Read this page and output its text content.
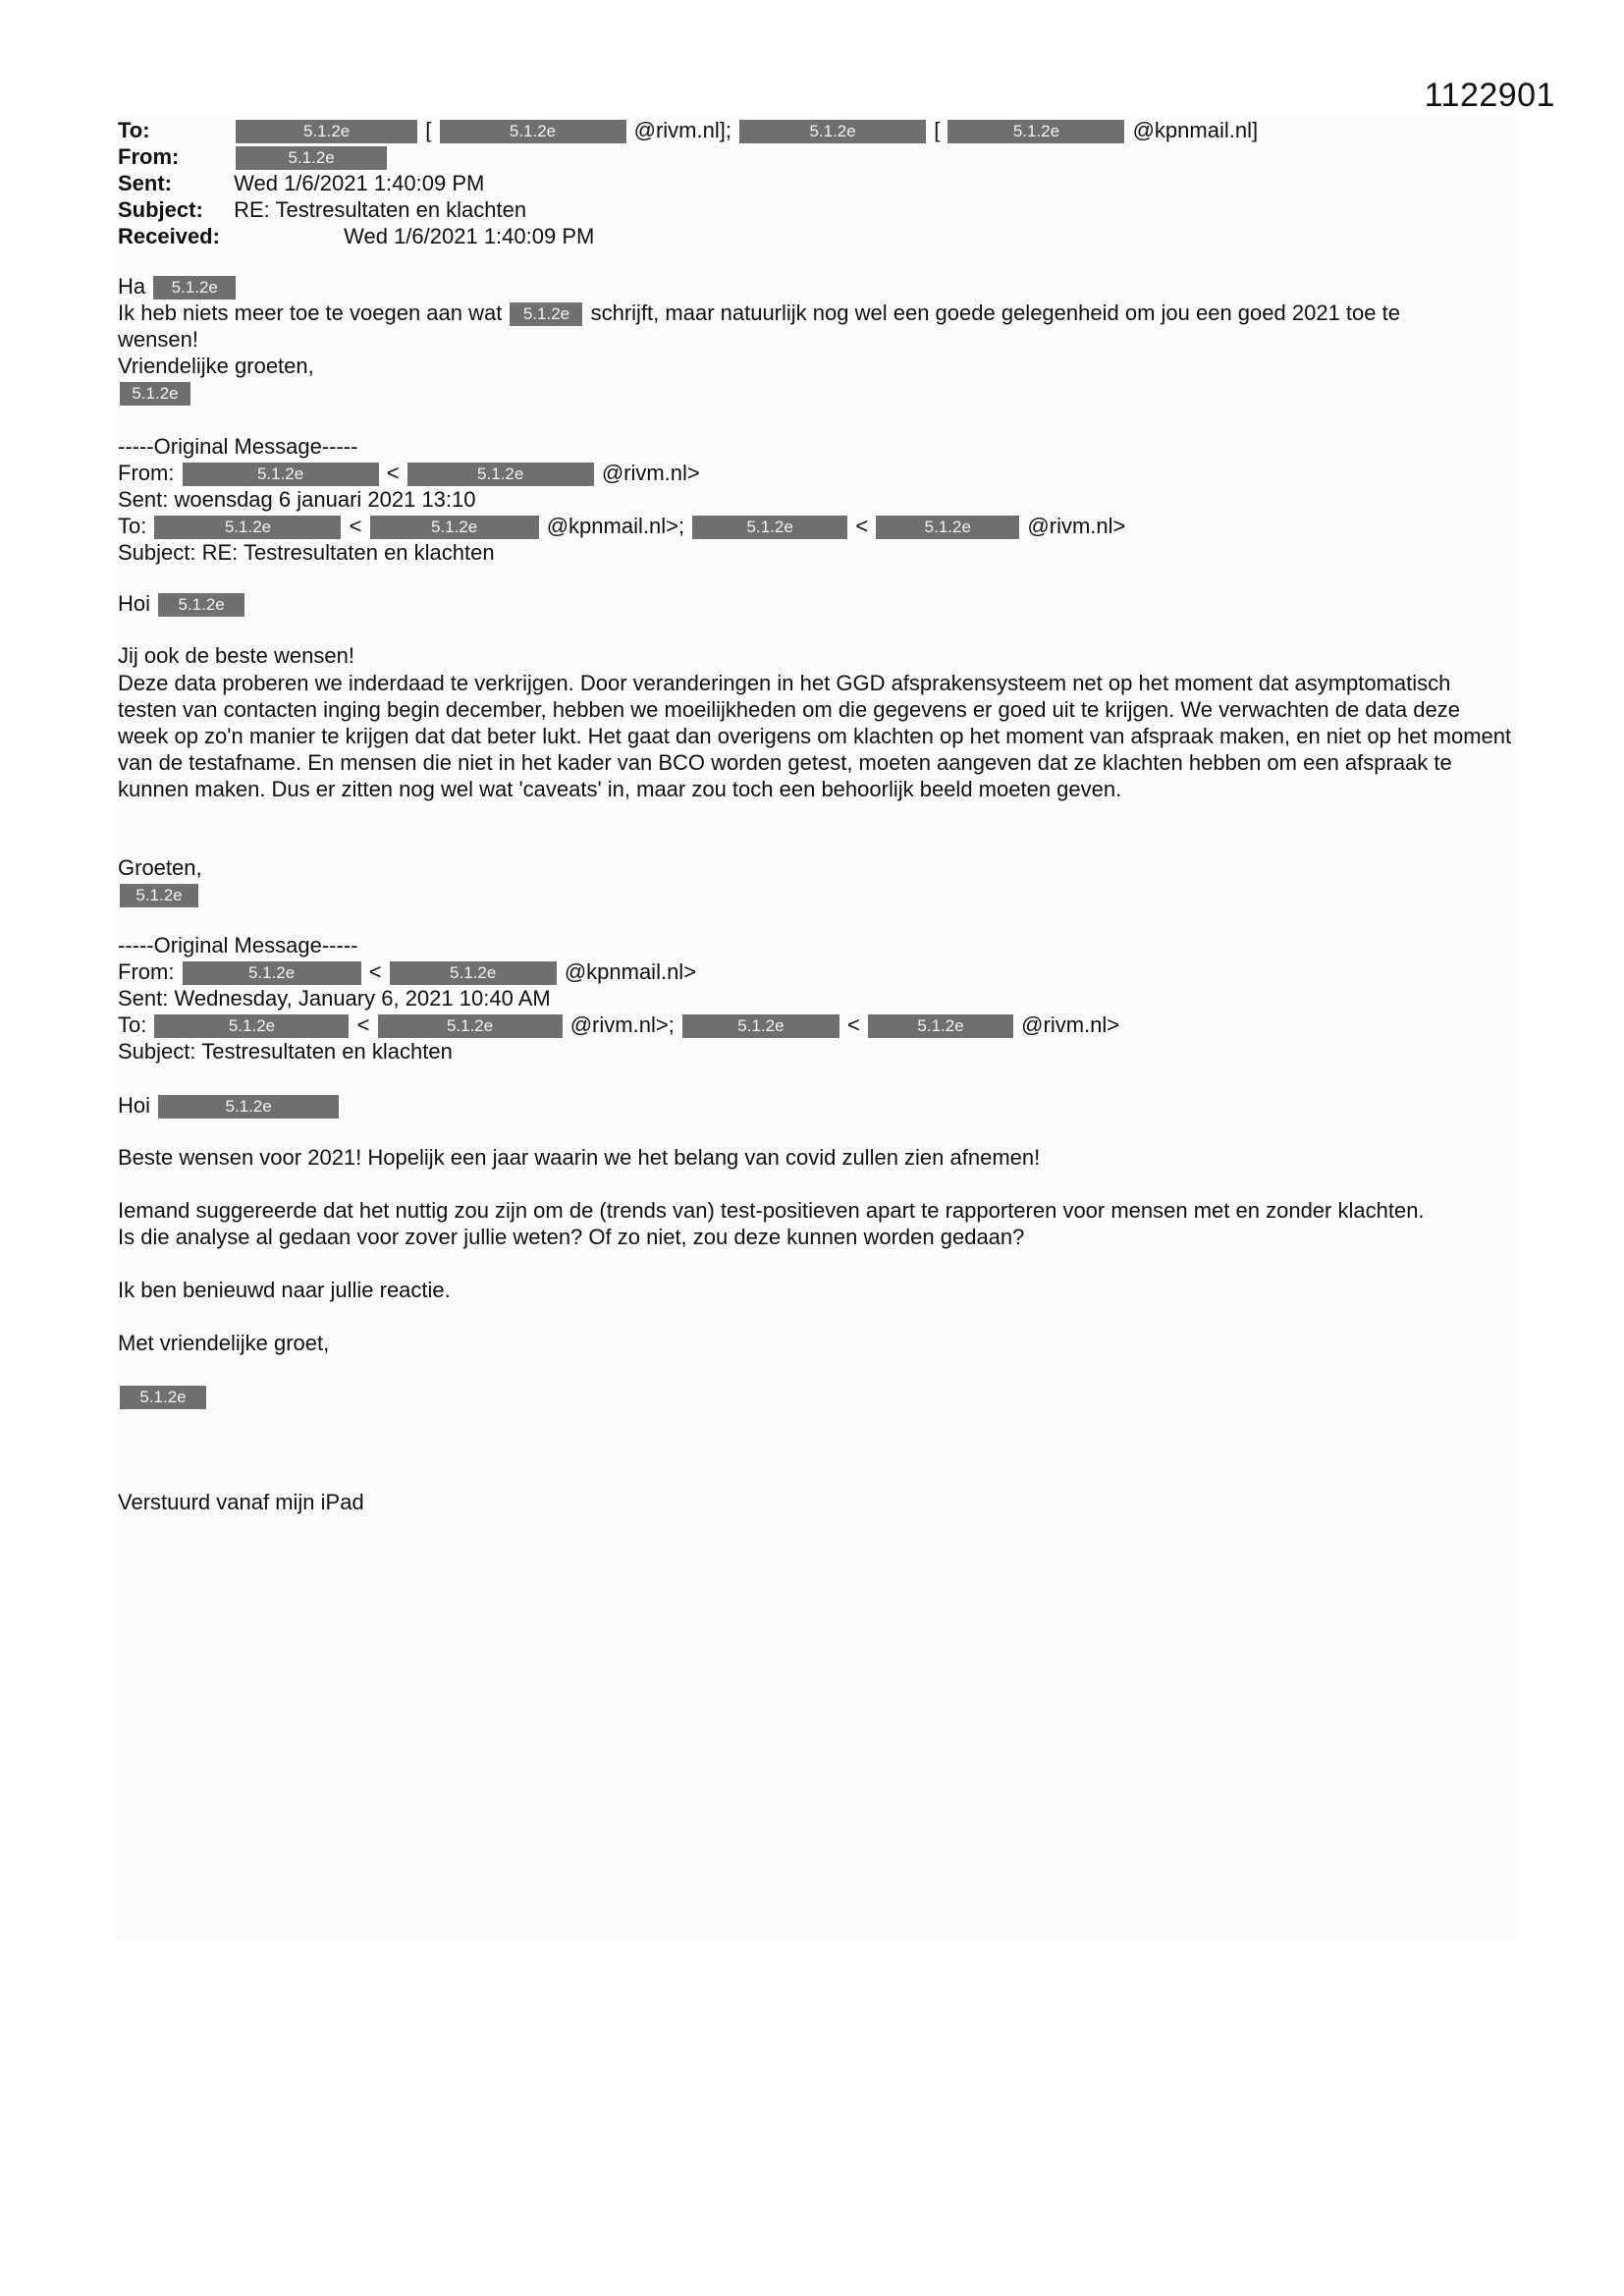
1122901
To:	5.1.2e	[	5.1.2e	@rivm.nl];	5.1.2e	[	5.1.2e	@kpnmail.nl]
From:	5.1.2e
Sent:	Wed 1/6/2021 1:40:09 PM
Subject: RE: Testresultaten en klachten
Received:	Wed 1/6/2021 1:40:09 PM
Ha 5.1.2e
Ik heb niets meer toe te voegen aan wat 5.1.2e schrijft, maar natuurlijk nog wel een goede gelegenheid om jou een goed 2021 toe te
wensen!
Vriendelijke groeten,
5.1.2e
-----Original Message-----
From:	5.1.2e	<	5.1.2e	@rivm.nl>
Sent: woensdag 6 januari 2021 13:10
To:	5.1.2e	<	5.1.2e	@kpnmail.nl>;	5.1.2e	<	5.1.2e	@rivm.nl>
Subject: RE: Testresultaten en klachten
Hoi 5.1.2e
Jij ook de beste wensen!
Deze data proberen we inderdaad te verkrijgen. Door veranderingen in het GGD afsprakensysteem net op het moment dat asymptomatisch testen van contacten inging begin december, hebben we moeilijkheden om die gegevens er goed uit te krijgen. We verwachten de data deze week op zo'n manier te krijgen dat dat beter lukt. Het gaat dan overigens om klachten op het moment van afspraak maken, en niet op het moment van de testafname. En mensen die niet in het kader van BCO worden getest, moeten aangeven dat ze klachten hebben om een afspraak te kunnen maken. Dus er zitten nog wel wat 'caveats' in, maar zou toch een behoorlijk beeld moeten geven.
Groeten,
5.1.2e
-----Original Message-----
From:	5.1.2e	<	5.1.2e	@kpnmail.nl>
Sent: Wednesday, January 6, 2021 10:40 AM
To:	5.1.2e	<	5.1.2e	@rivm.nl>;	5.1.2e	<	5.1.2e	@rivm.nl>
Subject: Testresultaten en klachten
Hoi	5.1.2e
Beste wensen voor 2021! Hopelijk een jaar waarin we het belang van covid zullen zien afnemen!
Iemand suggereerde dat het nuttig zou zijn om de (trends van) test-positieven apart te rapporteren voor mensen met en zonder klachten.
Is die analyse al gedaan voor zover jullie weten? Of zo niet, zou deze kunnen worden gedaan?
Ik ben benieuwd naar jullie reactie.
Met vriendelijke groet,
5.1.2e
Verstuurd vanaf mijn iPad
